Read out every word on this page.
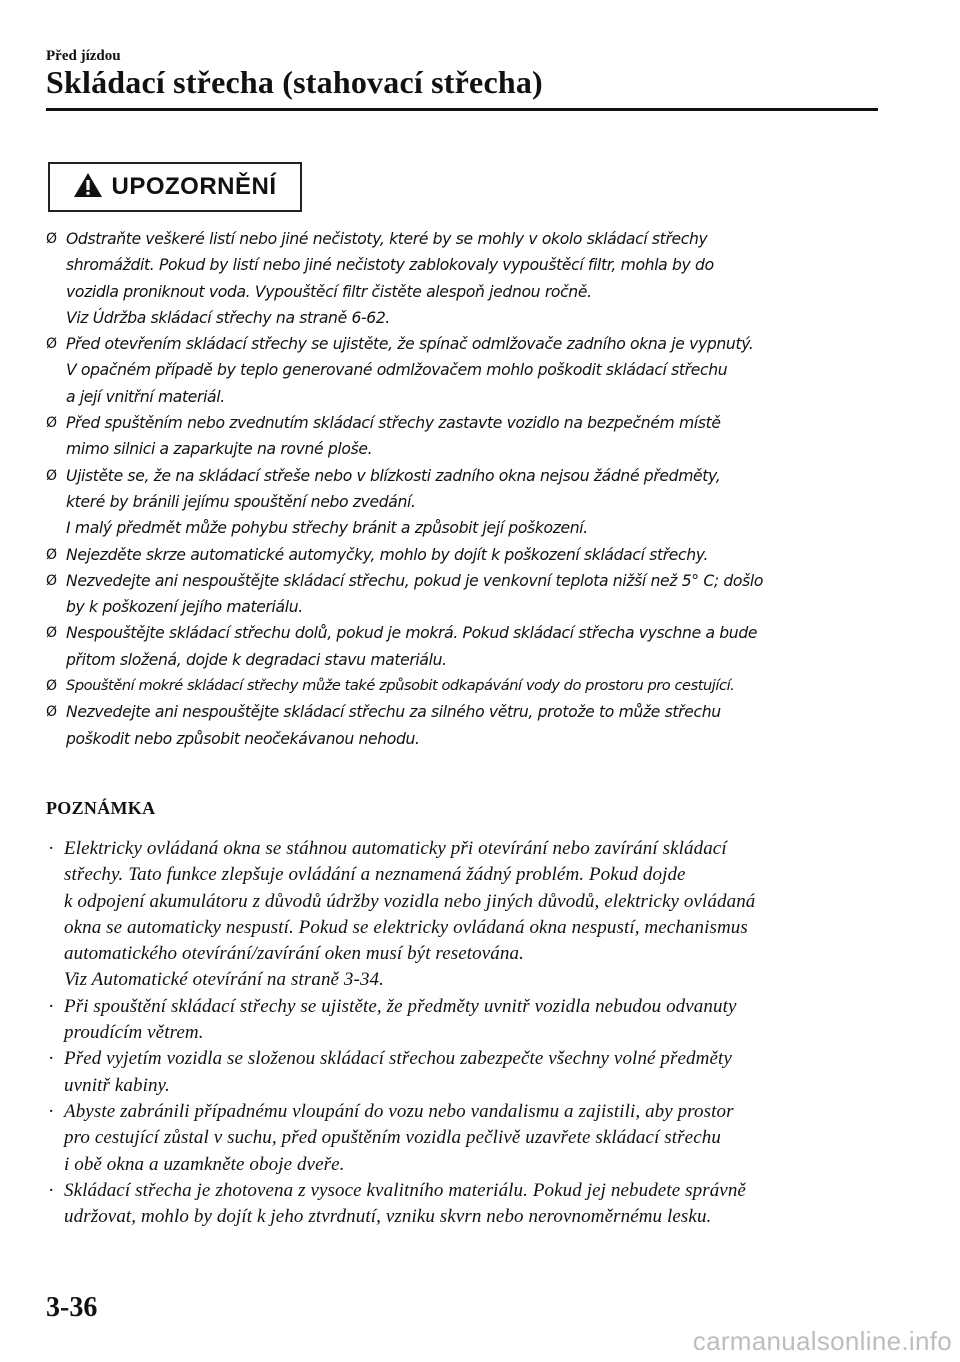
Před jízdou
Skládací střecha (stahovací střecha)
UPOZORNĚNÍ
Ø Odstraňte veškeré listí nebo jiné nečistoty, které by se mohly v okolo skládací střechy
shromáždit. Pokud by listí nebo jiné nečistoty zablokovaly vypouštěcí filtr, mohla by do
vozidla proniknout voda. Vypouštěcí filtr čistěte alespoň jednou ročně.
Viz Údržba skládací střechy na straně 6-62.
Ø Před otevřením skládací střechy se ujistěte, že spínač odmlžovače zadního okna je vypnutý.
V opačném případě by teplo generované odmlžovačem mohlo poškodit skládací střechu
a její vnitřní materiál.
Ø Před spuštěním nebo zvednutím skládací střechy zastavte vozidlo na bezpečném místě
mimo silnici a zaparkujte na rovné ploše.
Ø Ujistěte se, že na skládací střeše nebo v blízkosti zadního okna nejsou žádné předměty,
které by bránili jejímu spouštění nebo zvedání.
I malý předmět může pohybu střechy bránit a způsobit její poškození.
Ø Nejezděte skrze automatické automyčky, mohlo by dojít k poškození skládací střechy.
Ø Nezvedejte ani nespouštějte skládací střechu, pokud je venkovní teplota nižší než 5° C; došlo
by k poškození jejího materiálu.
Ø Nespouštějte skládací střechu dolů, pokud je mokrá. Pokud skládací střecha vyschne a bude
přitom složená, dojde k degradaci stavu materiálu.
Ø Spouštění mokré skládací střechy může také způsobit odkapávání vody do prostoru pro cestující.
Ø Nezvedejte ani nespouštějte skládací střechu za silného větru, protože to může střechu
poškodit nebo způsobit neočekávanou nehodu.
POZNÁMKA
· Elektricky ovládaná okna se stáhnou automaticky při otevírání nebo zavírání skládací
střechy. Tato funkce zlepšuje ovládání a neznamená žádný problém. Pokud dojde
k odpojení akumulátoru z důvodů údržby vozidla nebo jiných důvodů, elektricky ovládaná
okna se automaticky nespustí. Pokud se elektricky ovládaná okna nespustí, mechanismus
automatického otevírání/zavírání oken musí být resetována.
Viz Automatické otevírání na straně 3-34.
· Při spouštění skládací střechy se ujistěte, že předměty uvnitř vozidla nebudou odvanuty
proudícím větrem.
· Před vyjetím vozidla se složenou skládací střechou zabezpečte všechny volné předměty
uvnitř kabiny.
· Abyste zabránili případnému vloupání do vozu nebo vandalismu a zajistili, aby prostor
pro cestující zůstal v suchu, před opuštěním vozidla pečlivě uzavřete skládací střechu
i obě okna a uzamkněte oboje dveře.
· Skládací střecha je zhotovena z vysoce kvalitního materiálu. Pokud jej nebudete správně
udržovat, mohlo by dojít k jeho ztvrdnutí, vzniku skvrn nebo nerovnoměrnému lesku.
3-36
carmanualsonline.info
